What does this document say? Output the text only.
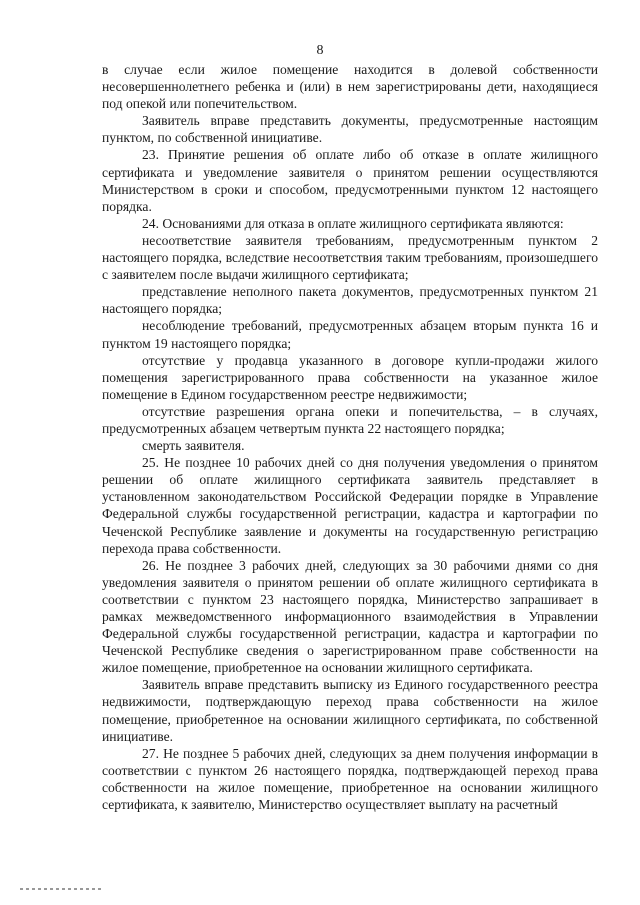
8

в случае если жилое помещение находится в долевой собственности несовершеннолетнего ребенка и (или) в нем зарегистрированы дети, находящиеся под опекой или попечительством.

Заявитель вправе представить документы, предусмотренные настоящим пунктом, по собственной инициативе.

23. Принятие решения об оплате либо об отказе в оплате жилищного сертификата и уведомление заявителя о принятом решении осуществляются Министерством в сроки и способом, предусмотренными пунктом 12 настоящего порядка.

24. Основаниями для отказа в оплате жилищного сертификата являются:

несоответствие заявителя требованиям, предусмотренным пунктом 2 настоящего порядка, вследствие несоответствия таким требованиям, произошедшего с заявителем после выдачи жилищного сертификата;

представление неполного пакета документов, предусмотренных пунктом 21 настоящего порядка;

несоблюдение требований, предусмотренных абзацем вторым пункта 16 и пунктом 19 настоящего порядка;

отсутствие у продавца указанного в договоре купли-продажи жилого помещения зарегистрированного права собственности на указанное жилое помещение в Едином государственном реестре недвижимости;

отсутствие разрешения органа опеки и попечительства, – в случаях, предусмотренных абзацем четвертым пункта 22 настоящего порядка;

смерть заявителя.

25. Не позднее 10 рабочих дней со дня получения уведомления о принятом решении об оплате жилищного сертификата заявитель представляет в установленном законодательством Российской Федерации порядке в Управление Федеральной службы государственной регистрации, кадастра и картографии по Чеченской Республике заявление и документы на государственную регистрацию перехода права собственности.

26. Не позднее 3 рабочих дней, следующих за 30 рабочими днями со дня уведомления заявителя о принятом решении об оплате жилищного сертификата в соответствии с пунктом 23 настоящего порядка, Министерство запрашивает в рамках межведомственного информационного взаимодействия в Управлении Федеральной службы государственной регистрации, кадастра и картографии по Чеченской Республике сведения о зарегистрированном праве собственности на жилое помещение, приобретенное на основании жилищного сертификата.

Заявитель вправе представить выписку из Единого государственного реестра недвижимости, подтверждающую переход права собственности на жилое помещение, приобретенное на основании жилищного сертификата, по собственной инициативе.

27. Не позднее 5 рабочих дней, следующих за днем получения информации в соответствии с пунктом 26 настоящего порядка, подтверждающей переход права собственности на жилое помещение, приобретенное на основании жилищного сертификата, к заявителю, Министерство осуществляет выплату на расчетный
